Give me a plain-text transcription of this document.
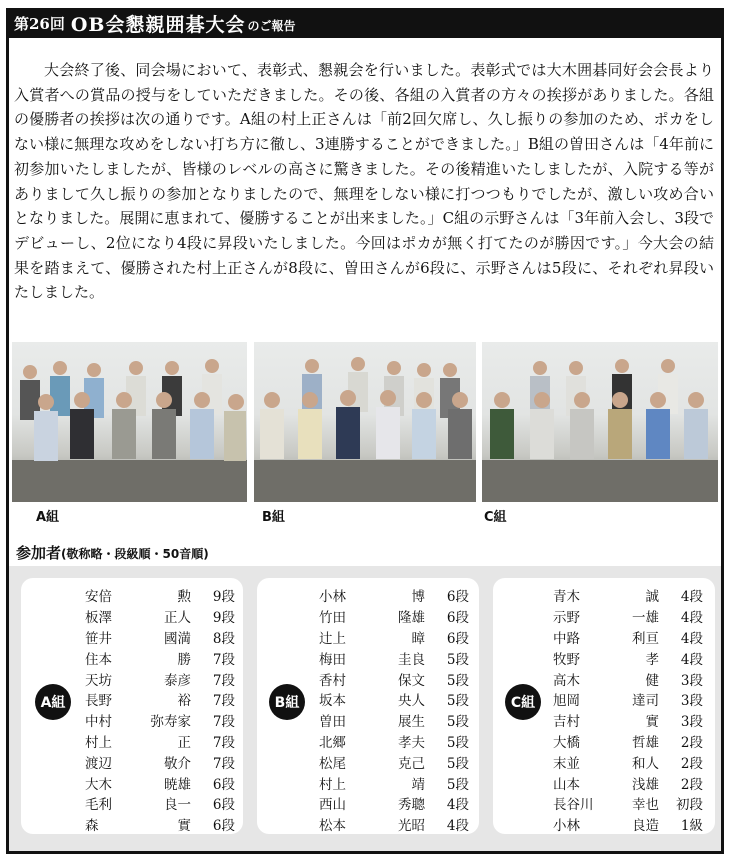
第26回 OB会懇親囲碁大会 のご報告

大会終了後、同会場において、表彰式、懇親会を行いました。表彰式では大木囲碁同好会会長より入賞者への賞品の授与をしていただきました。その後、各組の入賞者の方々の挨拶がありました。各組の優勝者の挨拶は次の通りです。A組の村上正さんは「前2回欠席し、久し振りの参加のため、ポカをしない様に無理な攻めをしない打ち方に徹し、3連勝することができました。」B組の曽田さんは「4年前に初参加いたしましたが、皆様のレベルの高さに驚きました。その後精進いたしましたが、入院する等がありまして久し振りの参加となりましたので、無理をしない様に打つつもりでしたが、激しい攻め合いとなりました。展開に恵まれて、優勝することが出来ました。」C組の示野さんは「3年前入会し、3段でデビューし、2位になり4段に昇段いたしました。今回はポカが無く打てたのが勝因です。」今大会の結果を踏まえて、優勝された村上正さんが8段に、曽田さんが6段に、示野さんは5段に、それぞれ昇段いたしました。

A組	B組	C組
参加者(敬称略・段級順・50音順)
A組
安倍	勲	9段
板澤	正人	9段
笹井	國満	8段
住本	勝	7段
天坊	泰彦	7段
長野	裕	7段
中村	弥寿家	7段
村上	正	7段
渡辺	敬介	7段
大木	暁雄	6段
毛利	良一	6段
森	實	6段
B組
小林	博	6段
竹田	隆雄	6段
辻上	暲	6段
梅田	圭良	5段
香村	保文	5段
坂本	央人	5段
曽田	展生	5段
北郷	孝夫	5段
松尾	克己	5段
村上	靖	5段
西山	秀聰	4段
松本	光昭	4段
C組
青木	誠	4段
示野	一雄	4段
中路	利亘	4段
牧野	孝	4段
高木	健	3段
旭岡	達司	3段
吉村	實	3段
大橋	哲雄	2段
末並	和人	2段
山本	浅雄	2段
長谷川	幸也	初段
小林	良造	1級
